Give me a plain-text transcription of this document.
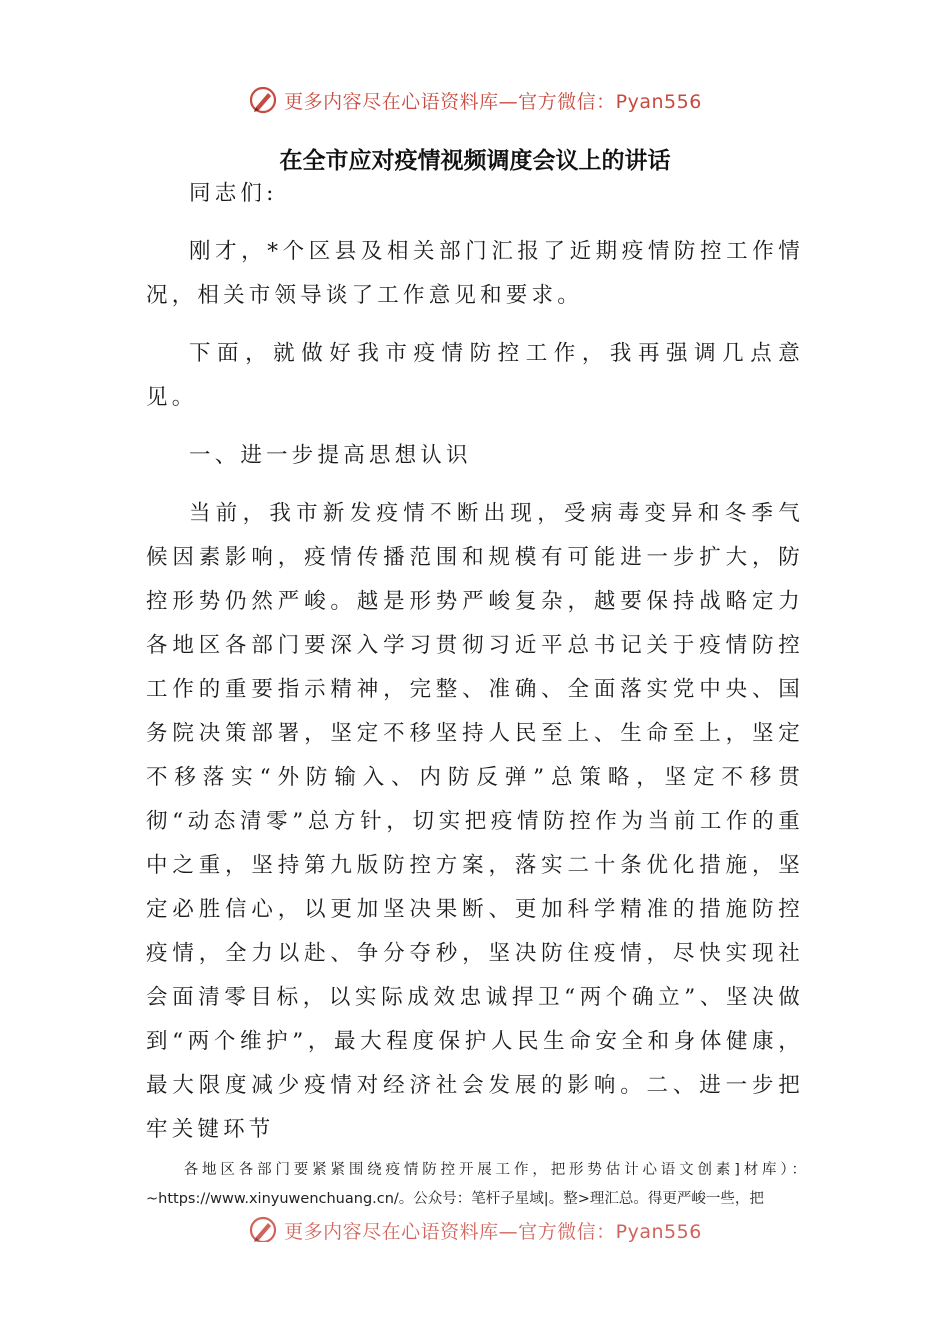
更多内容尽在心语资料库—官方微信：Pyan556
在全市应对疫情视频调度会议上的讲话

同志们:

刚才，*个区县及相关部门汇报了近期疫情防控工作情况，相关市领导谈了工作意见和要求。

下面，就做好我市疫情防控工作，我再强调几点意见。

一、进一步提高思想认识

当前，我市新发疫情不断出现，受病毒变异和冬季气候因素影响，疫情传播范围和规模有可能进一步扩大，防控形势仍然严峻。越是形势严峻复杂，越要保持战略定力各地区各部门要深入学习贯彻习近平总书记关于疫情防控工作的重要指示精神，完整、准确、全面落实党中央、国务院决策部署，坚定不移坚持人民至上、生命至上，坚定不移落实“外防输入、内防反弹”总策略，坚定不移贯彻“动态清零”总方针，切实把疫情防控作为当前工作的重中之重，坚持第九版防控方案，落实二十条优化措施，坚定必胜信心，以更加坚决果断、更加科学精准的措施防控疫情，全力以赴、争分夺秒，坚决防住疫情，尽快实现社会面清零目标，以实际成效忠诚捍卫“两个确立”、坚决做到“两个维护”，最大程度保护人民生命安全和身体健康，最大限度减少疫情对经济社会发展的影响。二、进一步把牢关键环节

各地区各部门要紧紧围绕疫情防控开展工作，把形势估计心语文创素]材库）：~https://www.xinyuwenchuang.cn/。公众号：笔杆子星域|。整>理汇总。得更严峻一些，把
更多内容尽在心语资料库—官方微信：Pyan556
